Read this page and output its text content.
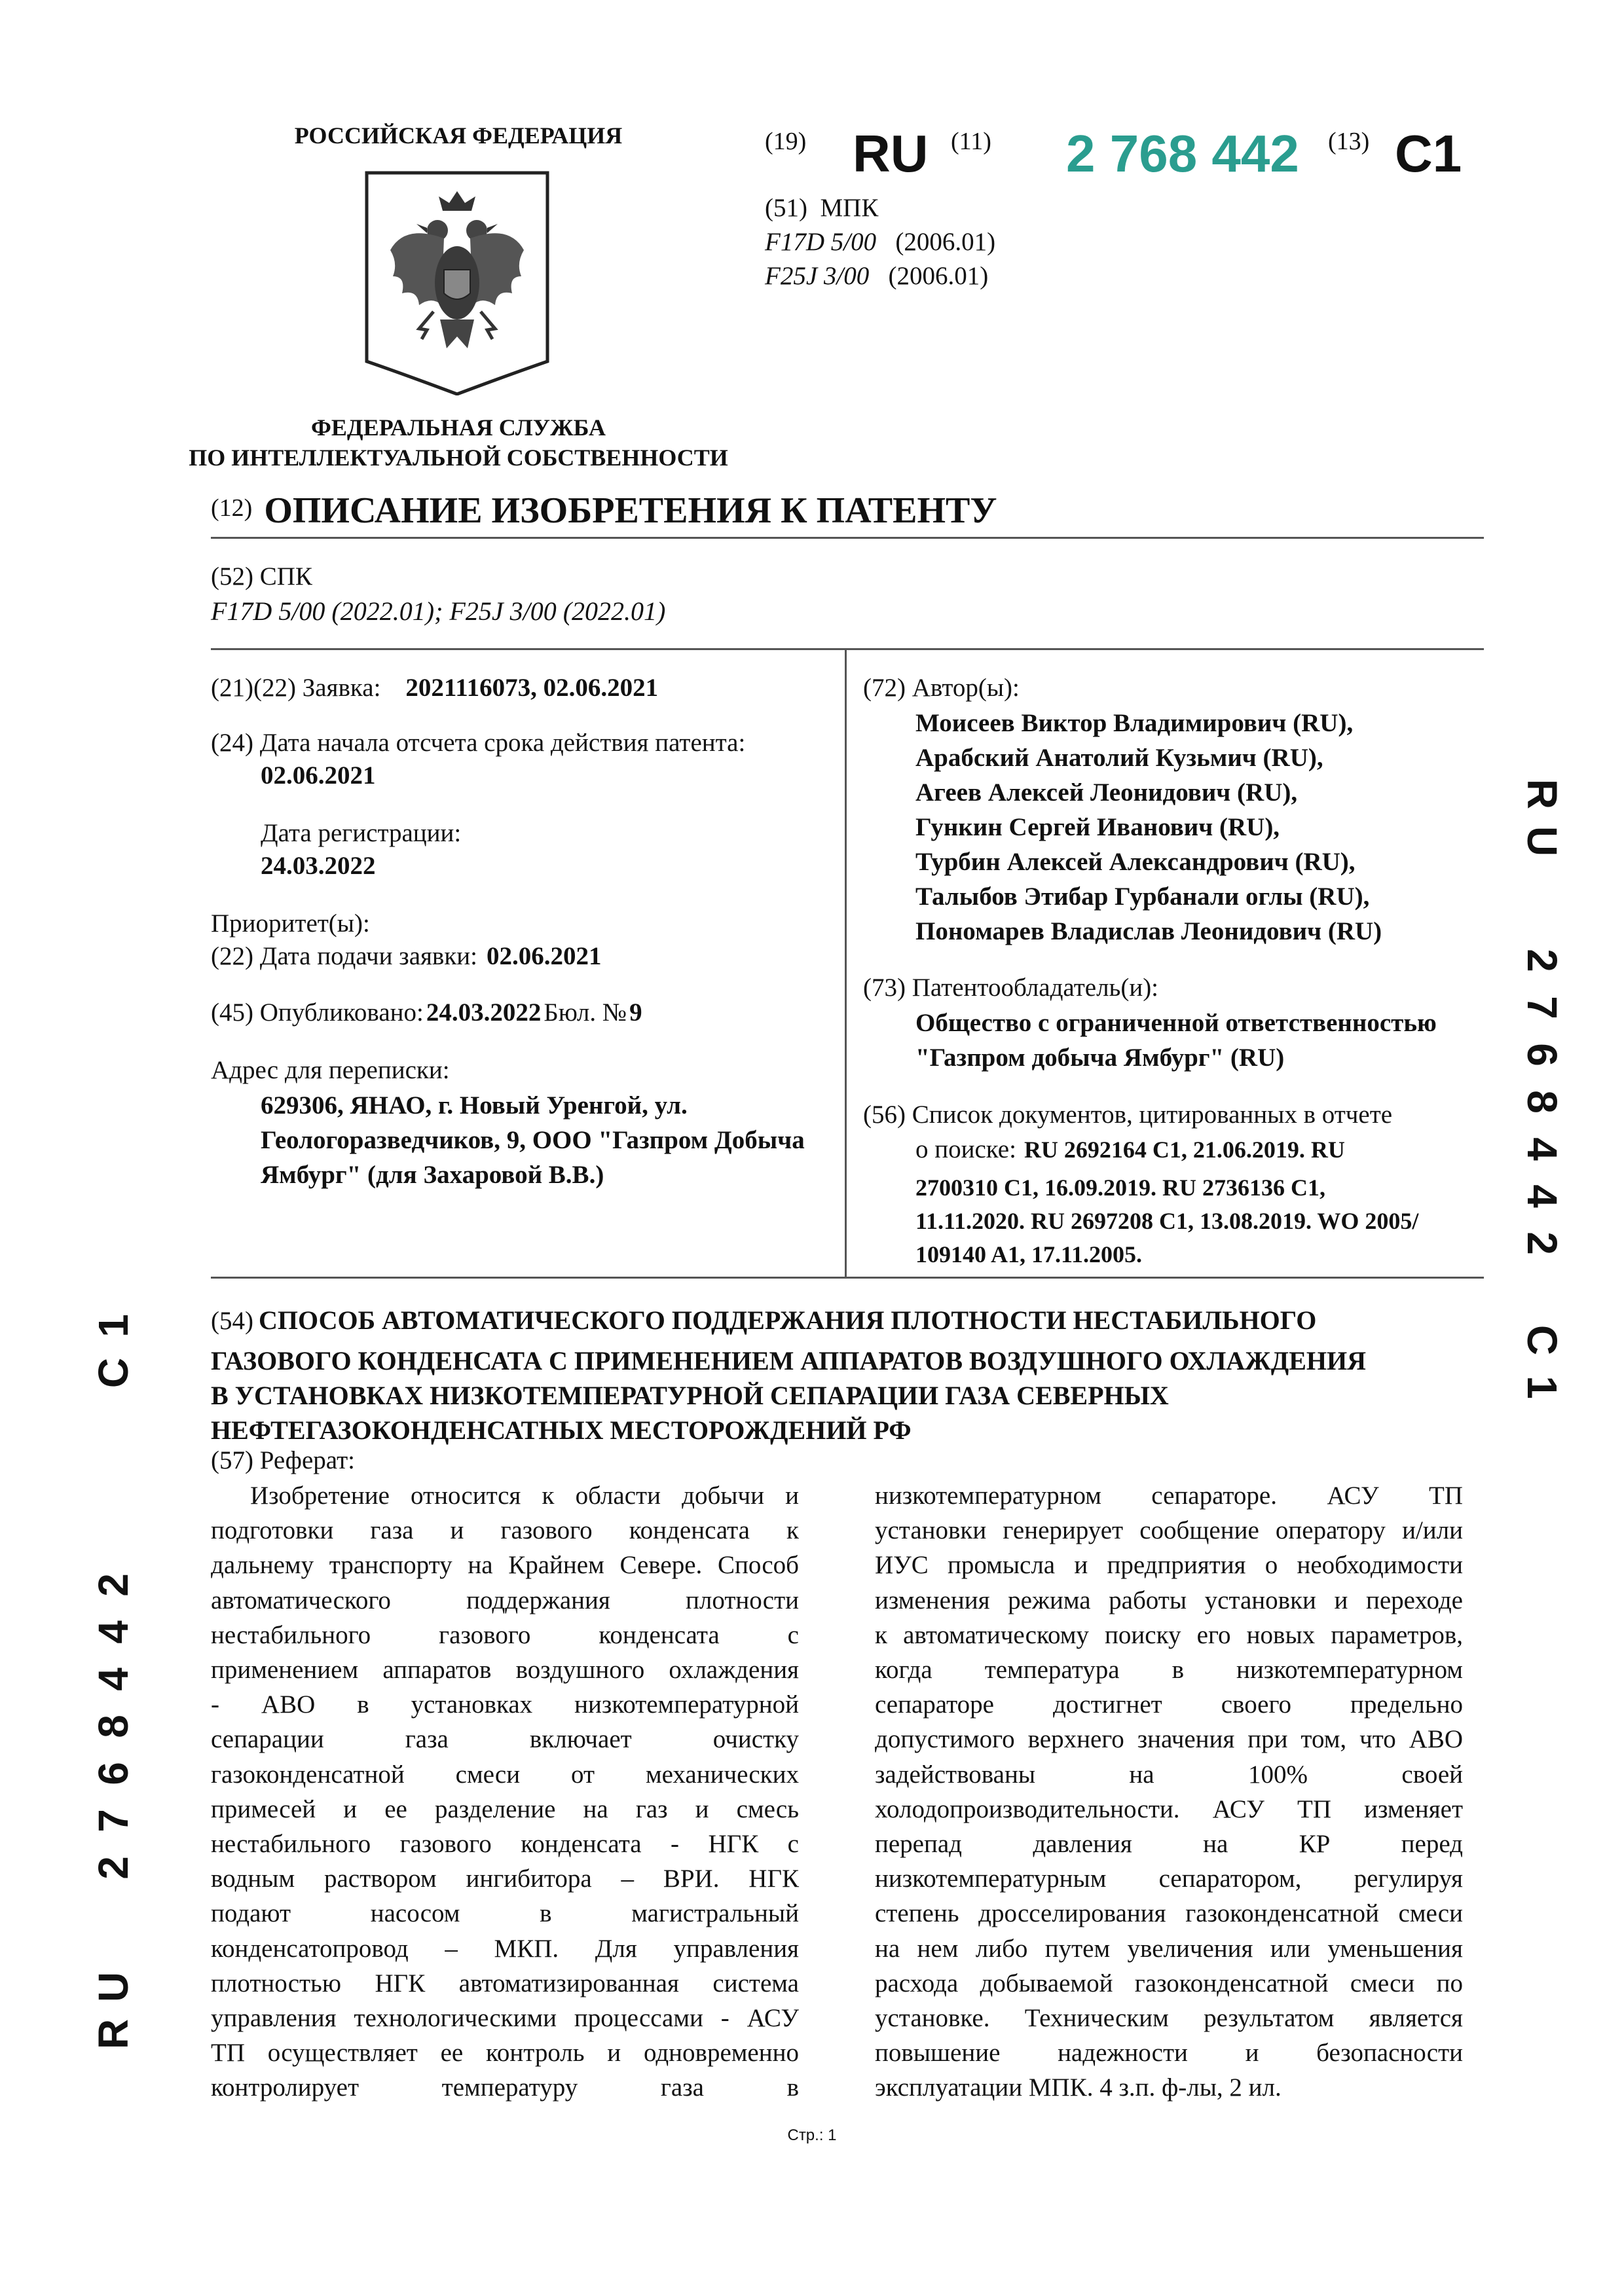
РОССИЙСКАЯ ФЕДЕРАЦИЯ
ФЕДЕРАЛЬНАЯ СЛУЖБА
ПО ИНТЕЛЛЕКТУАЛЬНОЙ СОБСТВЕННОСТИ
(19) RU (11) 2 768 442 (13) C1
(51) МПК
F17D 5/00 (2006.01)
F25J 3/00 (2006.01)
(12) ОПИСАНИЕ ИЗОБРЕТЕНИЯ К ПАТЕНТУ
(52) СПК
F17D 5/00 (2022.01); F25J 3/00 (2022.01)
(21)(22) Заявка: 2021116073, 02.06.2021
(24) Дата начала отсчета срока действия патента:
02.06.2021
Дата регистрации:
24.03.2022
Приоритет(ы):
(22) Дата подачи заявки: 02.06.2021
(45) Опубликовано: 24.03.2022 Бюл. № 9
Адрес для переписки:
629306, ЯНАО, г. Новый Уренгой, ул.
Геологоразведчиков, 9, ООО "Газпром Добыча
Ямбург" (для Захаровой В.В.)
(72) Автор(ы):
Моисеев Виктор Владимирович (RU),
Арабский Анатолий Кузьмич (RU),
Агеев Алексей Леонидович (RU),
Гункин Сергей Иванович (RU),
Турбин Алексей Александрович (RU),
Талыбов Этибар Гурбанали оглы (RU),
Пономарев Владислав Леонидович (RU)
(73) Патентообладатель(и):
Общество с ограниченной ответственностью
"Газпром добыча Ямбург" (RU)
(56) Список документов, цитированных в отчете
о поиске: RU 2692164 C1, 21.06.2019. RU
2700310 C1, 16.09.2019. RU 2736136 C1,
11.11.2020. RU 2697208 C1, 13.08.2019. WO 2005/
109140 A1, 17.11.2005.
(54) СПОСОБ АВТОМАТИЧЕСКОГО ПОДДЕРЖАНИЯ ПЛОТНОСТИ НЕСТАБИЛЬНОГО
ГАЗОВОГО КОНДЕНСАТА С ПРИМЕНЕНИЕМ АППАРАТОВ ВОЗДУШНОГО ОХЛАЖДЕНИЯ
В УСТАНОВКАХ НИЗКОТЕМПЕРАТУРНОЙ СЕПАРАЦИИ ГАЗА СЕВЕРНЫХ
НЕФТЕГАЗОКОНДЕНСАТНЫХ МЕСТОРОЖДЕНИЙ РФ
(57) Реферат:
Изобретение относится к области добычи и
подготовки газа и газового конденсата к
дальнему транспорту на Крайнем Севере. Способ
автоматического поддержания плотности
нестабильного газового конденсата с
применением аппаратов воздушного охлаждения
- АВО в установках низкотемпературной
сепарации газа включает очистку
газоконденсатной смеси от механических
примесей и ее разделение на газ и смесь
нестабильного газового конденсата - НГК с
водным раствором ингибитора – ВРИ. НГК
подают насосом в магистральный
конденсатопровод – МКП. Для управления
плотностью НГК автоматизированная система
управления технологическими процессами - АСУ
ТП осуществляет ее контроль и одновременно
контролирует температуру газа в
низкотемпературном сепараторе. АСУ ТП
установки генерирует сообщение оператору и/или
ИУС промысла и предприятия о необходимости
изменения режима работы установки и переходе
к автоматическому поиску его новых параметров,
когда температура в низкотемпературном
сепараторе достигнет своего предельно
допустимого верхнего значения при том, что АВО
задействованы на 100% своей
холодопроизводительности. АСУ ТП изменяет
перепад давления на КР перед
низкотемпературным сепаратором, регулируя
степень дросселирования газоконденсатной смеси
на нем либо путем увеличения или уменьшения
расхода добываемой газоконденсатной смеси по
установке. Техническим результатом является
повышение надежности и безопасности
эксплуатации МПК. 4 з.п. ф-лы, 2 ил.
R
U
2
7
6
8
4
4
2
C
1
R
U
2
7
6
8
4
4
2
C
1
Стр.: 1
